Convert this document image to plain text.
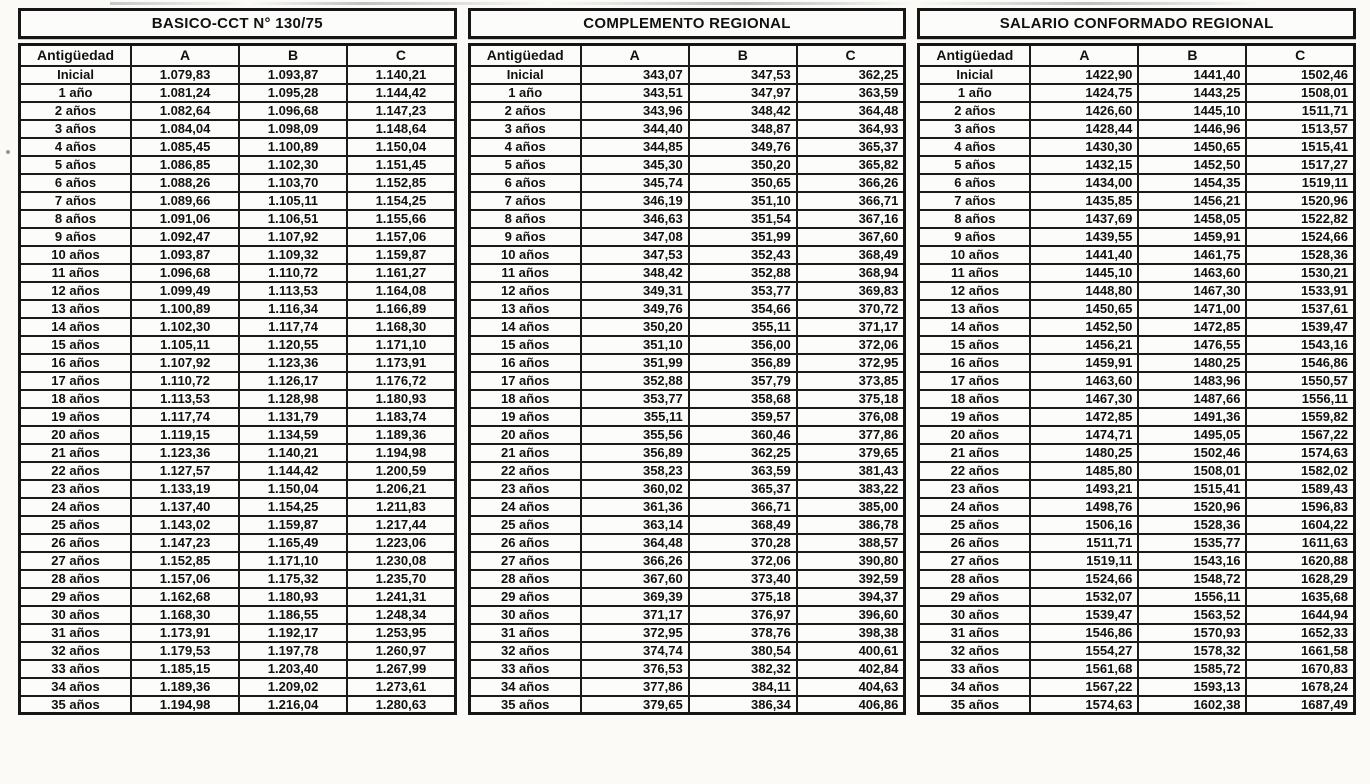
BASICO-CCT N° 130/75
Antigüedad	A	B	C
Inicial	1.079,83	1.093,87	1.140,21
1 año	1.081,24	1.095,28	1.144,42
2 años	1.082,64	1.096,68	1.147,23
3 años	1.084,04	1.098,09	1.148,64
4 años	1.085,45	1.100,89	1.150,04
5 años	1.086,85	1.102,30	1.151,45
6 años	1.088,26	1.103,70	1.152,85
7 años	1.089,66	1.105,11	1.154,25
8 años	1.091,06	1.106,51	1.155,66
9 años	1.092,47	1.107,92	1.157,06
10 años	1.093,87	1.109,32	1.159,87
11 años	1.096,68	1.110,72	1.161,27
12 años	1.099,49	1.113,53	1.164,08
13 años	1.100,89	1.116,34	1.166,89
14 años	1.102,30	1.117,74	1.168,30
15 años	1.105,11	1.120,55	1.171,10
16 años	1.107,92	1.123,36	1.173,91
17 años	1.110,72	1.126,17	1.176,72
18 años	1.113,53	1.128,98	1.180,93
19 años	1.117,74	1.131,79	1.183,74
20 años	1.119,15	1.134,59	1.189,36
21 años	1.123,36	1.140,21	1.194,98
22 años	1.127,57	1.144,42	1.200,59
23 años	1.133,19	1.150,04	1.206,21
24 años	1.137,40	1.154,25	1.211,83
25 años	1.143,02	1.159,87	1.217,44
26 años	1.147,23	1.165,49	1.223,06
27 años	1.152,85	1.171,10	1.230,08
28 años	1.157,06	1.175,32	1.235,70
29 años	1.162,68	1.180,93	1.241,31
30 años	1.168,30	1.186,55	1.248,34
31 años	1.173,91	1.192,17	1.253,95
32 años	1.179,53	1.197,78	1.260,97
33 años	1.185,15	1.203,40	1.267,99
34 años	1.189,36	1.209,02	1.273,61
35 años	1.194,98	1.216,04	1.280,63
COMPLEMENTO REGIONAL
Antigüedad	A	B	C
Inicial	343,07	347,53	362,25
1 año	343,51	347,97	363,59
2 años	343,96	348,42	364,48
3 años	344,40	348,87	364,93
4 años	344,85	349,76	365,37
5 años	345,30	350,20	365,82
6 años	345,74	350,65	366,26
7 años	346,19	351,10	366,71
8 años	346,63	351,54	367,16
9 años	347,08	351,99	367,60
10 años	347,53	352,43	368,49
11 años	348,42	352,88	368,94
12 años	349,31	353,77	369,83
13 años	349,76	354,66	370,72
14 años	350,20	355,11	371,17
15 años	351,10	356,00	372,06
16 años	351,99	356,89	372,95
17 años	352,88	357,79	373,85
18 años	353,77	358,68	375,18
19 años	355,11	359,57	376,08
20 años	355,56	360,46	377,86
21 años	356,89	362,25	379,65
22 años	358,23	363,59	381,43
23 años	360,02	365,37	383,22
24 años	361,36	366,71	385,00
25 años	363,14	368,49	386,78
26 años	364,48	370,28	388,57
27 años	366,26	372,06	390,80
28 años	367,60	373,40	392,59
29 años	369,39	375,18	394,37
30 años	371,17	376,97	396,60
31 años	372,95	378,76	398,38
32 años	374,74	380,54	400,61
33 años	376,53	382,32	402,84
34 años	377,86	384,11	404,63
35 años	379,65	386,34	406,86
SALARIO CONFORMADO REGIONAL
Antigüedad	A	B	C
Inicial	1422,90	1441,40	1502,46
1 año	1424,75	1443,25	1508,01
2 años	1426,60	1445,10	1511,71
3 años	1428,44	1446,96	1513,57
4 años	1430,30	1450,65	1515,41
5 años	1432,15	1452,50	1517,27
6 años	1434,00	1454,35	1519,11
7 años	1435,85	1456,21	1520,96
8 años	1437,69	1458,05	1522,82
9 años	1439,55	1459,91	1524,66
10 años	1441,40	1461,75	1528,36
11 años	1445,10	1463,60	1530,21
12 años	1448,80	1467,30	1533,91
13 años	1450,65	1471,00	1537,61
14 años	1452,50	1472,85	1539,47
15 años	1456,21	1476,55	1543,16
16 años	1459,91	1480,25	1546,86
17 años	1463,60	1483,96	1550,57
18 años	1467,30	1487,66	1556,11
19 años	1472,85	1491,36	1559,82
20 años	1474,71	1495,05	1567,22
21 años	1480,25	1502,46	1574,63
22 años	1485,80	1508,01	1582,02
23 años	1493,21	1515,41	1589,43
24 años	1498,76	1520,96	1596,83
25 años	1506,16	1528,36	1604,22
26 años	1511,71	1535,77	1611,63
27 años	1519,11	1543,16	1620,88
28 años	1524,66	1548,72	1628,29
29 años	1532,07	1556,11	1635,68
30 años	1539,47	1563,52	1644,94
31 años	1546,86	1570,93	1652,33
32 años	1554,27	1578,32	1661,58
33 años	1561,68	1585,72	1670,83
34 años	1567,22	1593,13	1678,24
35 años	1574,63	1602,38	1687,49
